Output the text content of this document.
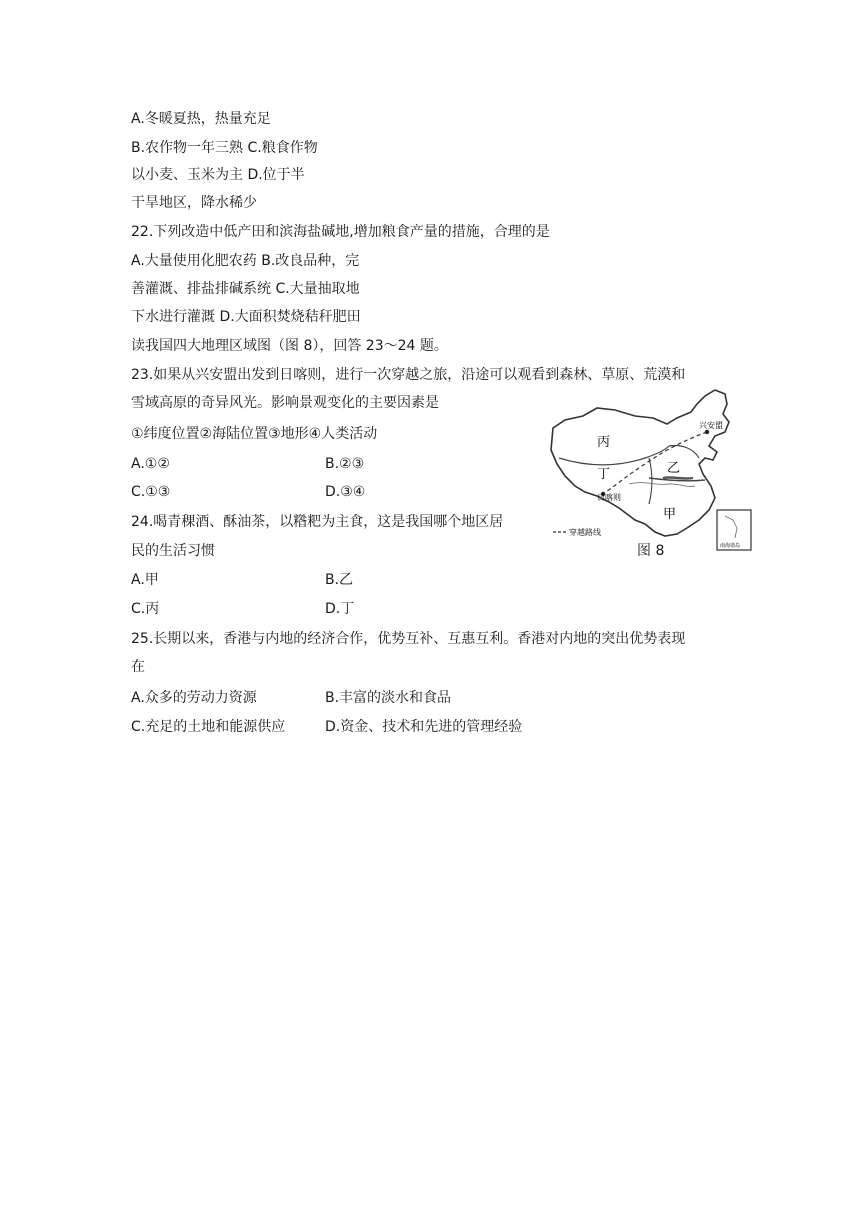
A.冬暖夏热，热量充足
B.农作物一年三熟 C.粮食作物
以小麦、玉米为主 D.位于半
干旱地区，降水稀少
22.下列改造中低产田和滨海盐碱地,增加粮食产量的措施，合理的是
A.大量使用化肥农药 B.改良品种，完
善灌溉、排盐排碱系统 C.大量抽取地
下水进行灌溉 D.大面积焚烧秸秆肥田
读我国四大地理区域图（图 8），回答 23～24 题。
23.如果从兴安盟出发到日喀则，进行一次穿越之旅，沿途可以观看到森林、草原、荒漠和
雪域高原的奇异风光。影响景观变化的主要因素是
①纬度位置②海陆位置③地形④人类活动
A.①②	B.②③
C.①③	D.③④
24.喝青稞酒、酥油茶，以糌粑为主食，这是我国哪个地区居
民的生活习惯
A.甲	B.乙
C.丙	D.丁
25.长期以来，香港与内地的经济合作，优势互补、互惠互利。香港对内地的突出优势表现
在
A.众多的劳动力资源	B.丰富的淡水和食品
C.充足的土地和能源供应	D.资金、技术和先进的管理经验
丙
丁	乙
甲
兴安盟
日喀则
穿越路线
南海诸岛
图 8
